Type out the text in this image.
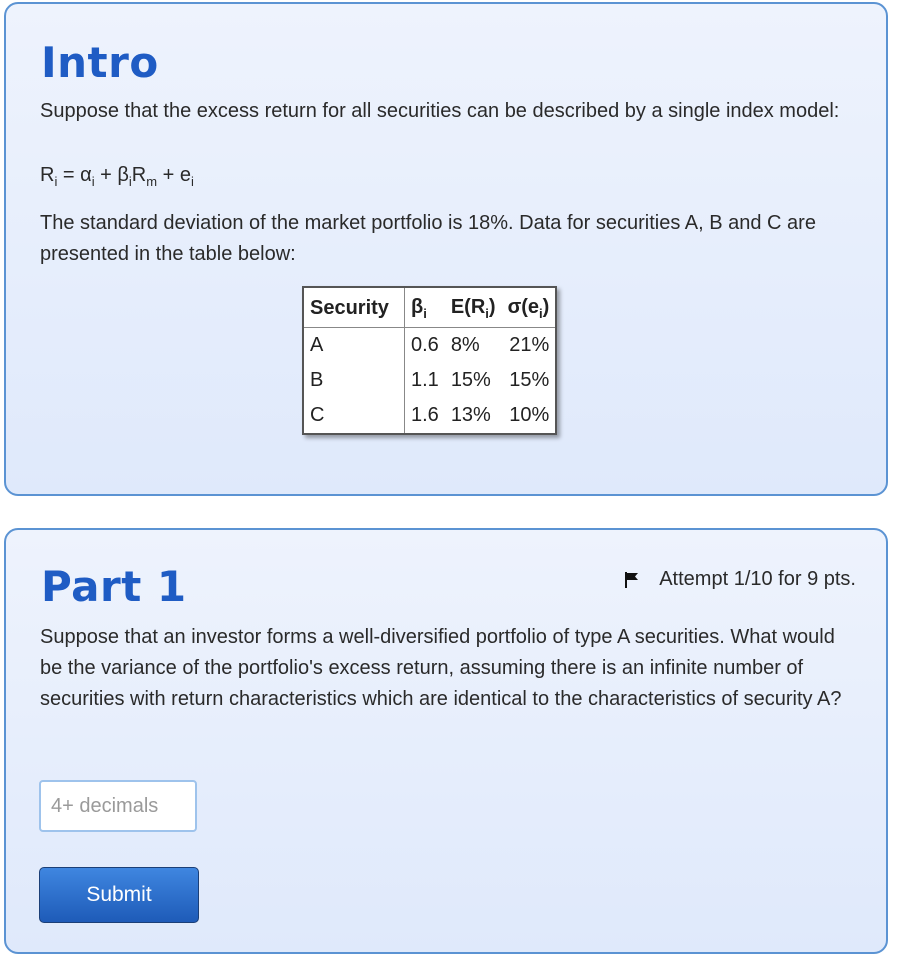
Intro
Suppose that the excess return for all securities can be described by a single index model:
$R_i = \alpha_i + \beta_iR_m + e_i$
The standard deviation of the market portfolio is 18%. Data for securities A, B and C are presented in the table below:
Security	$\beta_i$	$E(R_i)$	$\sigma(e_i)$
A	0.6	8%	21%
B	1.1	15%	15%
C	1.6	13%	10%
Part 1	Attempt 1/10 for 9 pts.
Suppose that an investor forms a well-diversified portfolio of type A securities. What would be the variance of the portfolio's excess return, assuming there is an infinite number of securities with return characteristics which are identical to the characteristics of security A?
4+ decimals
Submit
